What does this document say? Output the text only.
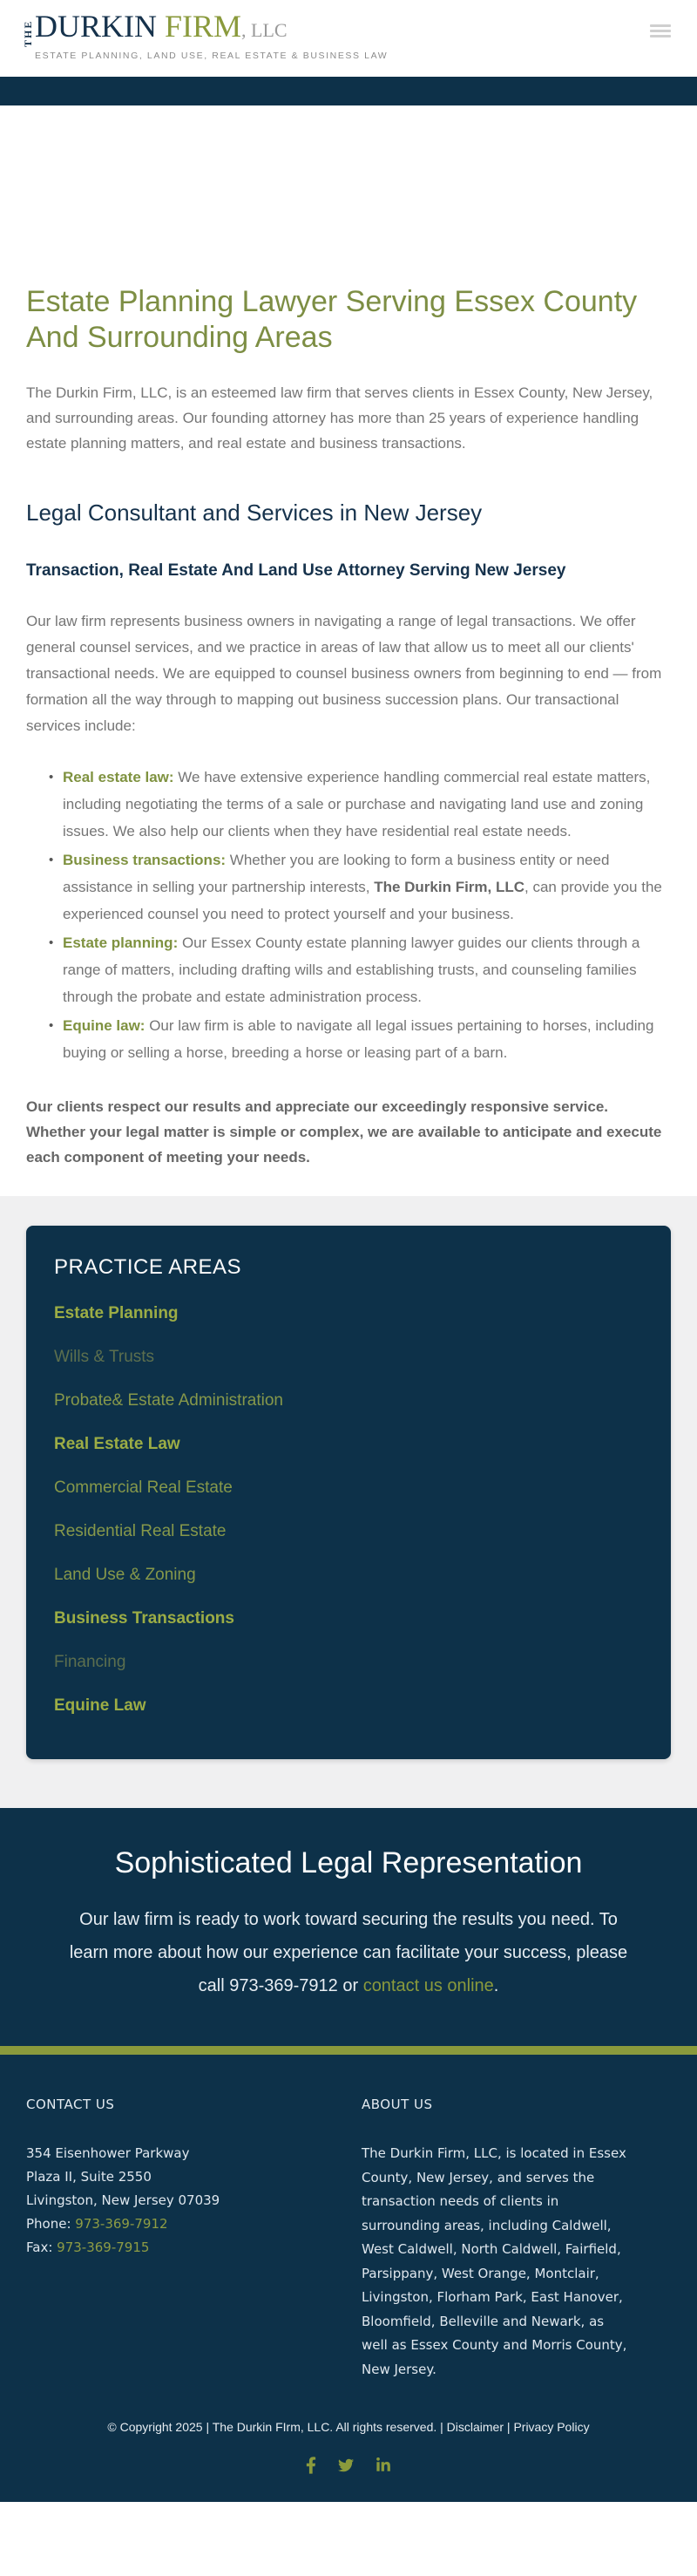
THE DURKIN FIRM, LLC
ESTATE PLANNING, LAND USE, REAL ESTATE & BUSINESS LAW
Estate Planning Lawyer Serving Essex County And Surrounding Areas

The Durkin Firm, LLC, is an esteemed law firm that serves clients in Essex County, New Jersey, and surrounding areas. Our founding attorney has more than 25 years of experience handling estate planning matters, and real estate and business transactions.

Legal Consultant and Services in New Jersey
Transaction, Real Estate And Land Use Attorney Serving New Jersey

Our law firm represents business owners in navigating a range of legal transactions. We offer general counsel services, and we practice in areas of law that allow us to meet all our clients' transactional needs. We are equipped to counsel business owners from beginning to end — from formation all the way through to mapping out business succession plans. Our transactional services include:

• Real estate law: We have extensive experience handling commercial real estate matters, including negotiating the terms of a sale or purchase and navigating land use and zoning issues. We also help our clients when they have residential real estate needs.
• Business transactions: Whether you are looking to form a business entity or need assistance in selling your partnership interests, The Durkin Firm, LLC, can provide you the experienced counsel you need to protect yourself and your business.
• Estate planning: Our Essex County estate planning lawyer guides our clients through a range of matters, including drafting wills and establishing trusts, and counseling families through the probate and estate administration process.
• Equine law: Our law firm is able to navigate all legal issues pertaining to horses, including buying or selling a horse, breeding a horse or leasing part of a barn.

Our clients respect our results and appreciate our exceedingly responsive service. Whether your legal matter is simple or complex, we are available to anticipate and execute each component of meeting your needs.

PRACTICE AREAS
Estate Planning
Wills & Trusts
Probate& Estate Administration
Real Estate Law
Commercial Real Estate
Residential Real Estate
Land Use & Zoning
Business Transactions
Financing
Equine Law
Sophisticated Legal Representation

Our law firm is ready to work toward securing the results you need. To learn more about how our experience can facilitate your success, please call 973-369-7912 or contact us online.

CONTACT US
354 Eisenhower Parkway
Plaza II, Suite 2550
Livingston, New Jersey 07039
Phone: 973-369-7912
Fax: 973-369-7915
ABOUT US

The Durkin Firm, LLC, is located in Essex County, New Jersey, and serves the transaction needs of clients in surrounding areas, including Caldwell, West Caldwell, North Caldwell, Fairfield, Parsippany, West Orange, Montclair, Livingston, Florham Park, East Hanover, Bloomfield, Belleville and Newark, as well as Essex County and Morris County, New Jersey.

© Copyright 2025 | The Durkin FIrm, LLC. All rights reserved. | Disclaimer | Privacy Policy
